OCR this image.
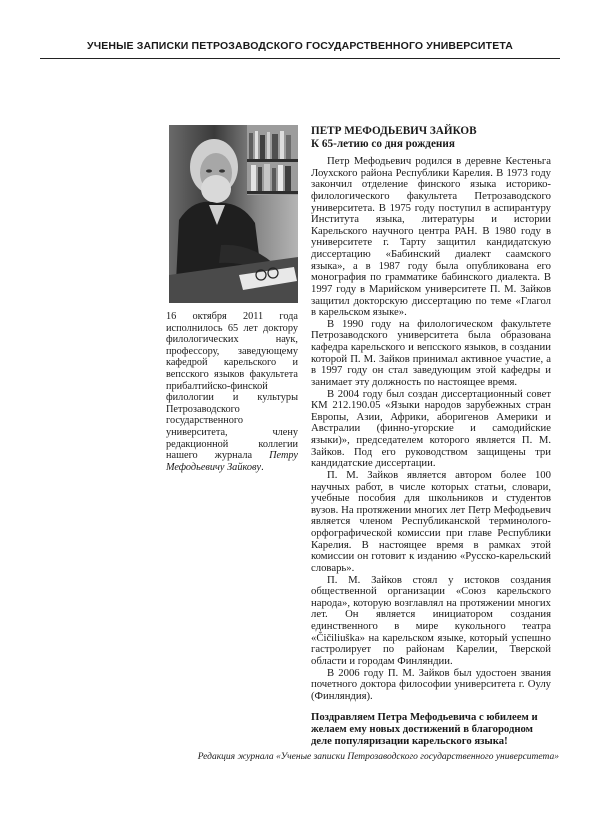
УЧЕНЫЕ ЗАПИСКИ ПЕТРОЗАВОДСКОГО ГОСУДАРСТВЕННОГО УНИВЕРСИТЕТА
16 октября 2011 года исполнилось 65 лет доктору филологических наук, профессору, заведующему кафедрой карельского и вепсского языков факультета прибалтийско-финской филологии и культуры Петрозаводского государственного университета, члену редакционной коллегии нашего журнала Петру Мефодьевичу Зайкову.
ПЕТР МЕФОДЬЕВИЧ ЗАЙКОВ
К 65-летию со дня рождения

Петр Мефодьевич родился в деревне Кестеньга Лоухского района Республики Карелия. В 1973 году закончил отделение финского языка историко-филологического факультета Петрозаводского университета. В 1975 году поступил в аспирантуру Института языка, литературы и истории Карельского научного центра РАН. В 1980 году в университете г. Тарту защитил кандидатскую диссертацию «Бабинский диалект саамского языка», а в 1987 году была опубликована его монография по грамматике бабинского диалекта. В 1997 году в Марийском университете П. М. Зайков защитил докторскую диссертацию по теме «Глагол в карельском языке».

В 1990 году на филологическом факультете Петрозаводского университета была образована кафедра карельского и вепсского языков, в создании которой П. М. Зайков принимал активное участие, а в 1997 году он стал заведующим этой кафедры и занимает эту должность по настоящее время.

В 2004 году был создан диссертационный совет КМ 212.190.05 «Языки народов зарубежных стран Европы, Азии, Африки, аборигенов Америки и Австралии (финно-угорские и самодийские языки)», председателем которого является П. М. Зайков. Под его руководством защищены три кандидатские диссертации.

П. М. Зайков является автором более 100 научных работ, в числе которых статьи, словари, учебные пособия для школьников и студентов вузов. На протяжении многих лет Петр Мефодьевич является членом Республиканской терминолого-орфографической комиссии при главе Республики Карелия. В настоящее время в рамках этой комиссии он готовит к изданию «Русско-карельский словарь».

П. М. Зайков стоял у истоков создания общественной организации «Союз карельского народа», которую возглавлял на протяжении многих лет. Он является инициатором создания единственного в мире кукольного театра «Čičiliuškа» на карельском языке, который успешно гастролирует по районам Карелии, Тверской области и городам Финляндии.

В 2006 году П. М. Зайков был удостоен звания почетного доктора философии университета г. Оулу (Финляндия).

Поздравляем Петра Мефодьевича с юбилеем и желаем ему новых достижений в благородном деле популяризации карельского языка!
Редакция журнала «Ученые записки Петрозаводского государственного университета»
